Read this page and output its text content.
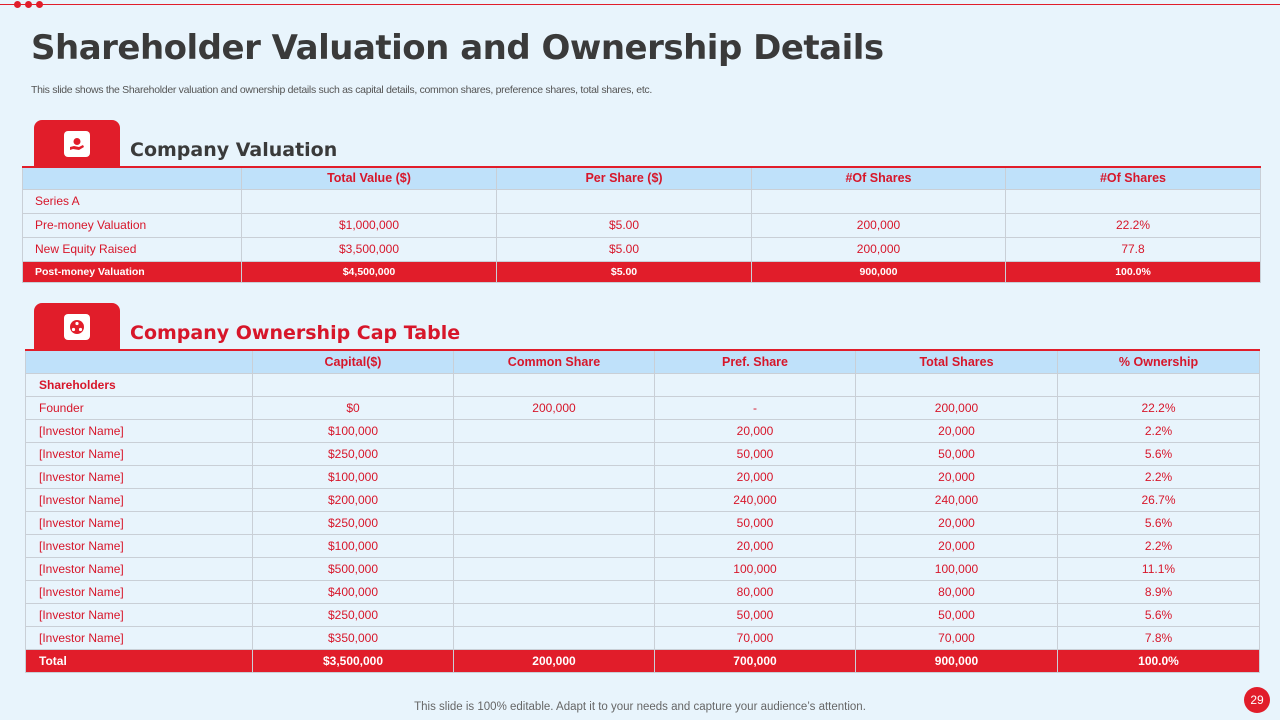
Shareholder Valuation and Ownership Details
This slide shows the Shareholder valuation and ownership details such as capital details, common shares, preference shares, total shares, etc.
Company Valuation
	Total Value ($)	Per Share ($)	#Of Shares	#Of Shares
Series A				
Pre-money Valuation	$1,000,000	$5.00	200,000	22.2%
New Equity Raised	$3,500,000	$5.00	200,000	77.8
Post-money Valuation	$4,500,000	$5.00	900,000	100.0%
Company Ownership Cap Table
	Capital($)	Common Share	Pref. Share	Total Shares	% Ownership
Shareholders					
Founder	$0	200,000	-	200,000	22.2%
[Investor Name]	$100,000		20,000	20,000	2.2%
[Investor Name]	$250,000		50,000	50,000	5.6%
[Investor Name]	$100,000		20,000	20,000	2.2%
[Investor Name]	$200,000		240,000	240,000	26.7%
[Investor Name]	$250,000		50,000	20,000	5.6%
[Investor Name]	$100,000		20,000	20,000	2.2%
[Investor Name]	$500,000		100,000	100,000	11.1%
[Investor Name]	$400,000		80,000	80,000	8.9%
[Investor Name]	$250,000		50,000	50,000	5.6%
[Investor Name]	$350,000		70,000	70,000	7.8%
Total	$3,500,000	200,000	700,000	900,000	100.0%
This slide is 100% editable. Adapt it to your needs and capture your audience’s attention.	29
